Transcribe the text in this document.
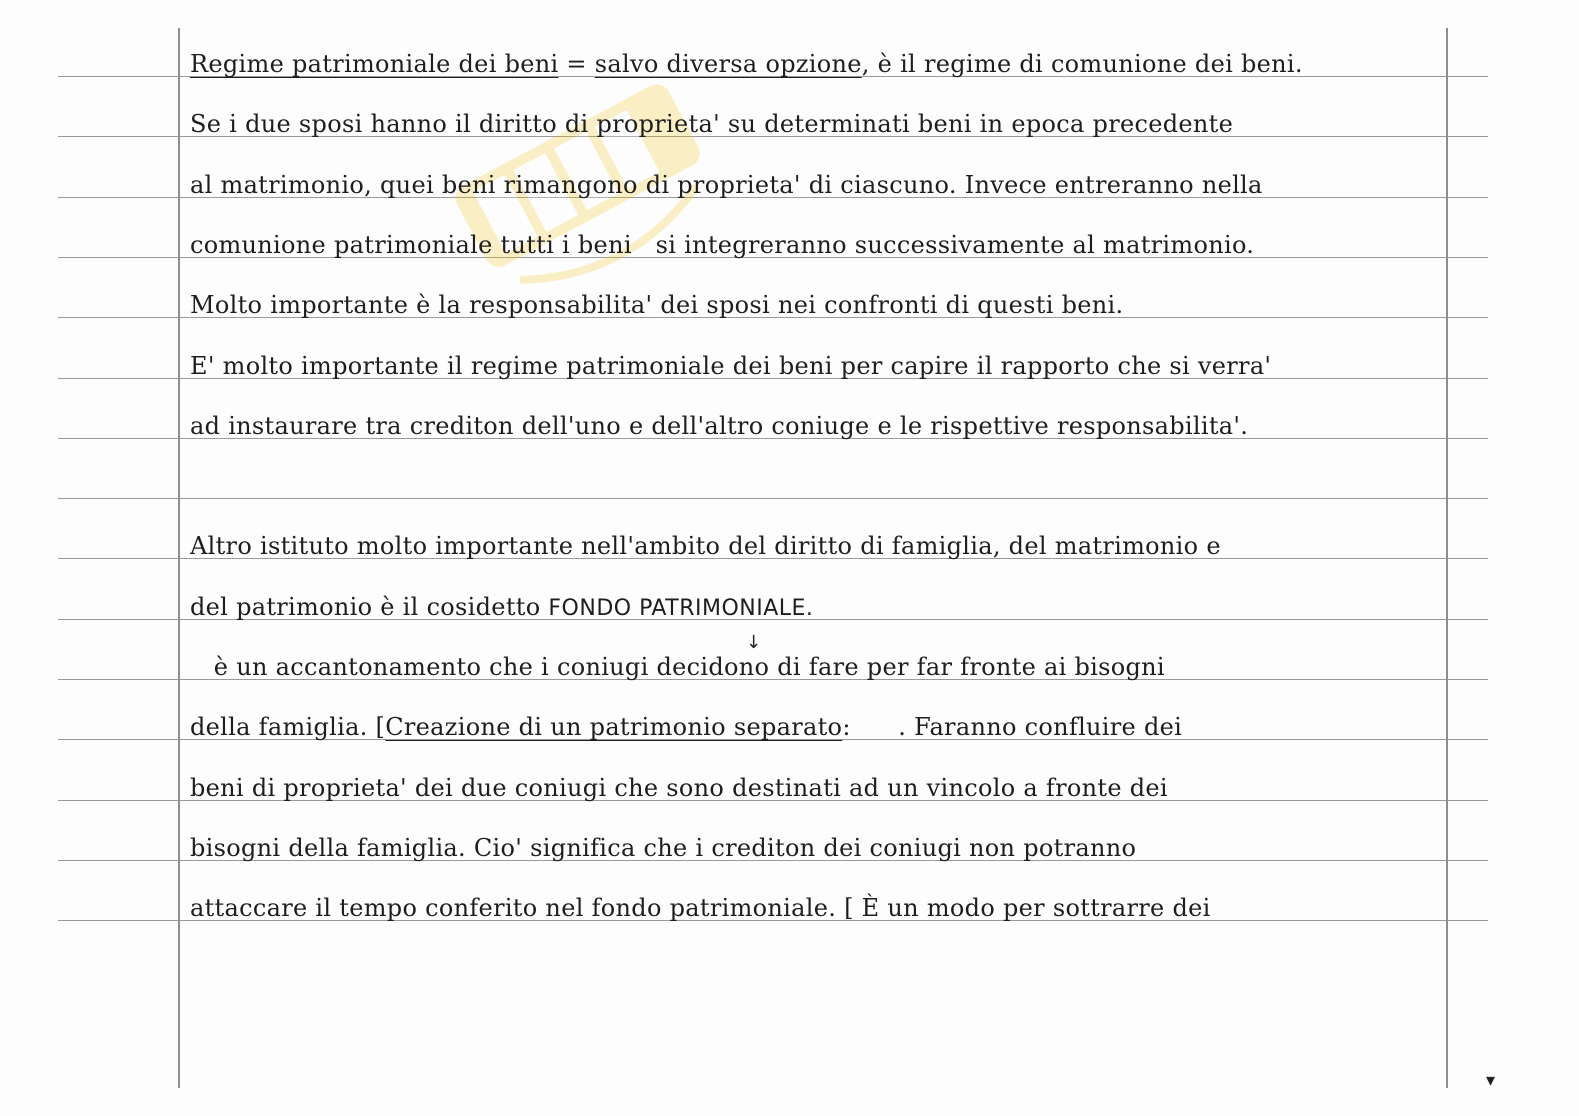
Regime patrimoniale dei beni = salvo diversa opzione , è il regime di comunione dei beni.
Se i due sposi hanno il diritto di proprieta' su determinati beni in epoca precedente
al matrimonio, quei beni rimangono di proprieta' di ciascuno. Invece entreranno nella
comunione patrimoniale tutti i beni   si integreranno successivamente al matrimonio.
Molto importante è la responsabilita' dei sposi nei confronti di questi beni.
E' molto importante il regime patrimoniale dei beni per capire il rapporto che si verra'
ad instaurare tra crediton dell'uno e dell'altro coniuge e le rispettive responsabilita'.
Altro istituto molto importante nell'ambito del diritto di famiglia, del matrimonio e
del patrimonio è il cosidetto FONDO PATRIMONIALE.
è un accantonamento che i coniugi decidono di fare per far fronte ai bisogni
della famiglia. [ Creazione di un patrimonio separato :      . Faranno confluire dei
beni di proprieta' dei due coniugi che sono destinati ad un vincolo a fronte dei
bisogni della famiglia. Cio' significa che i crediton dei coniugi non potranno
attaccare il tempo conferito nel fondo patrimoniale. [ È un modo per sottrarre dei
↓
▾
